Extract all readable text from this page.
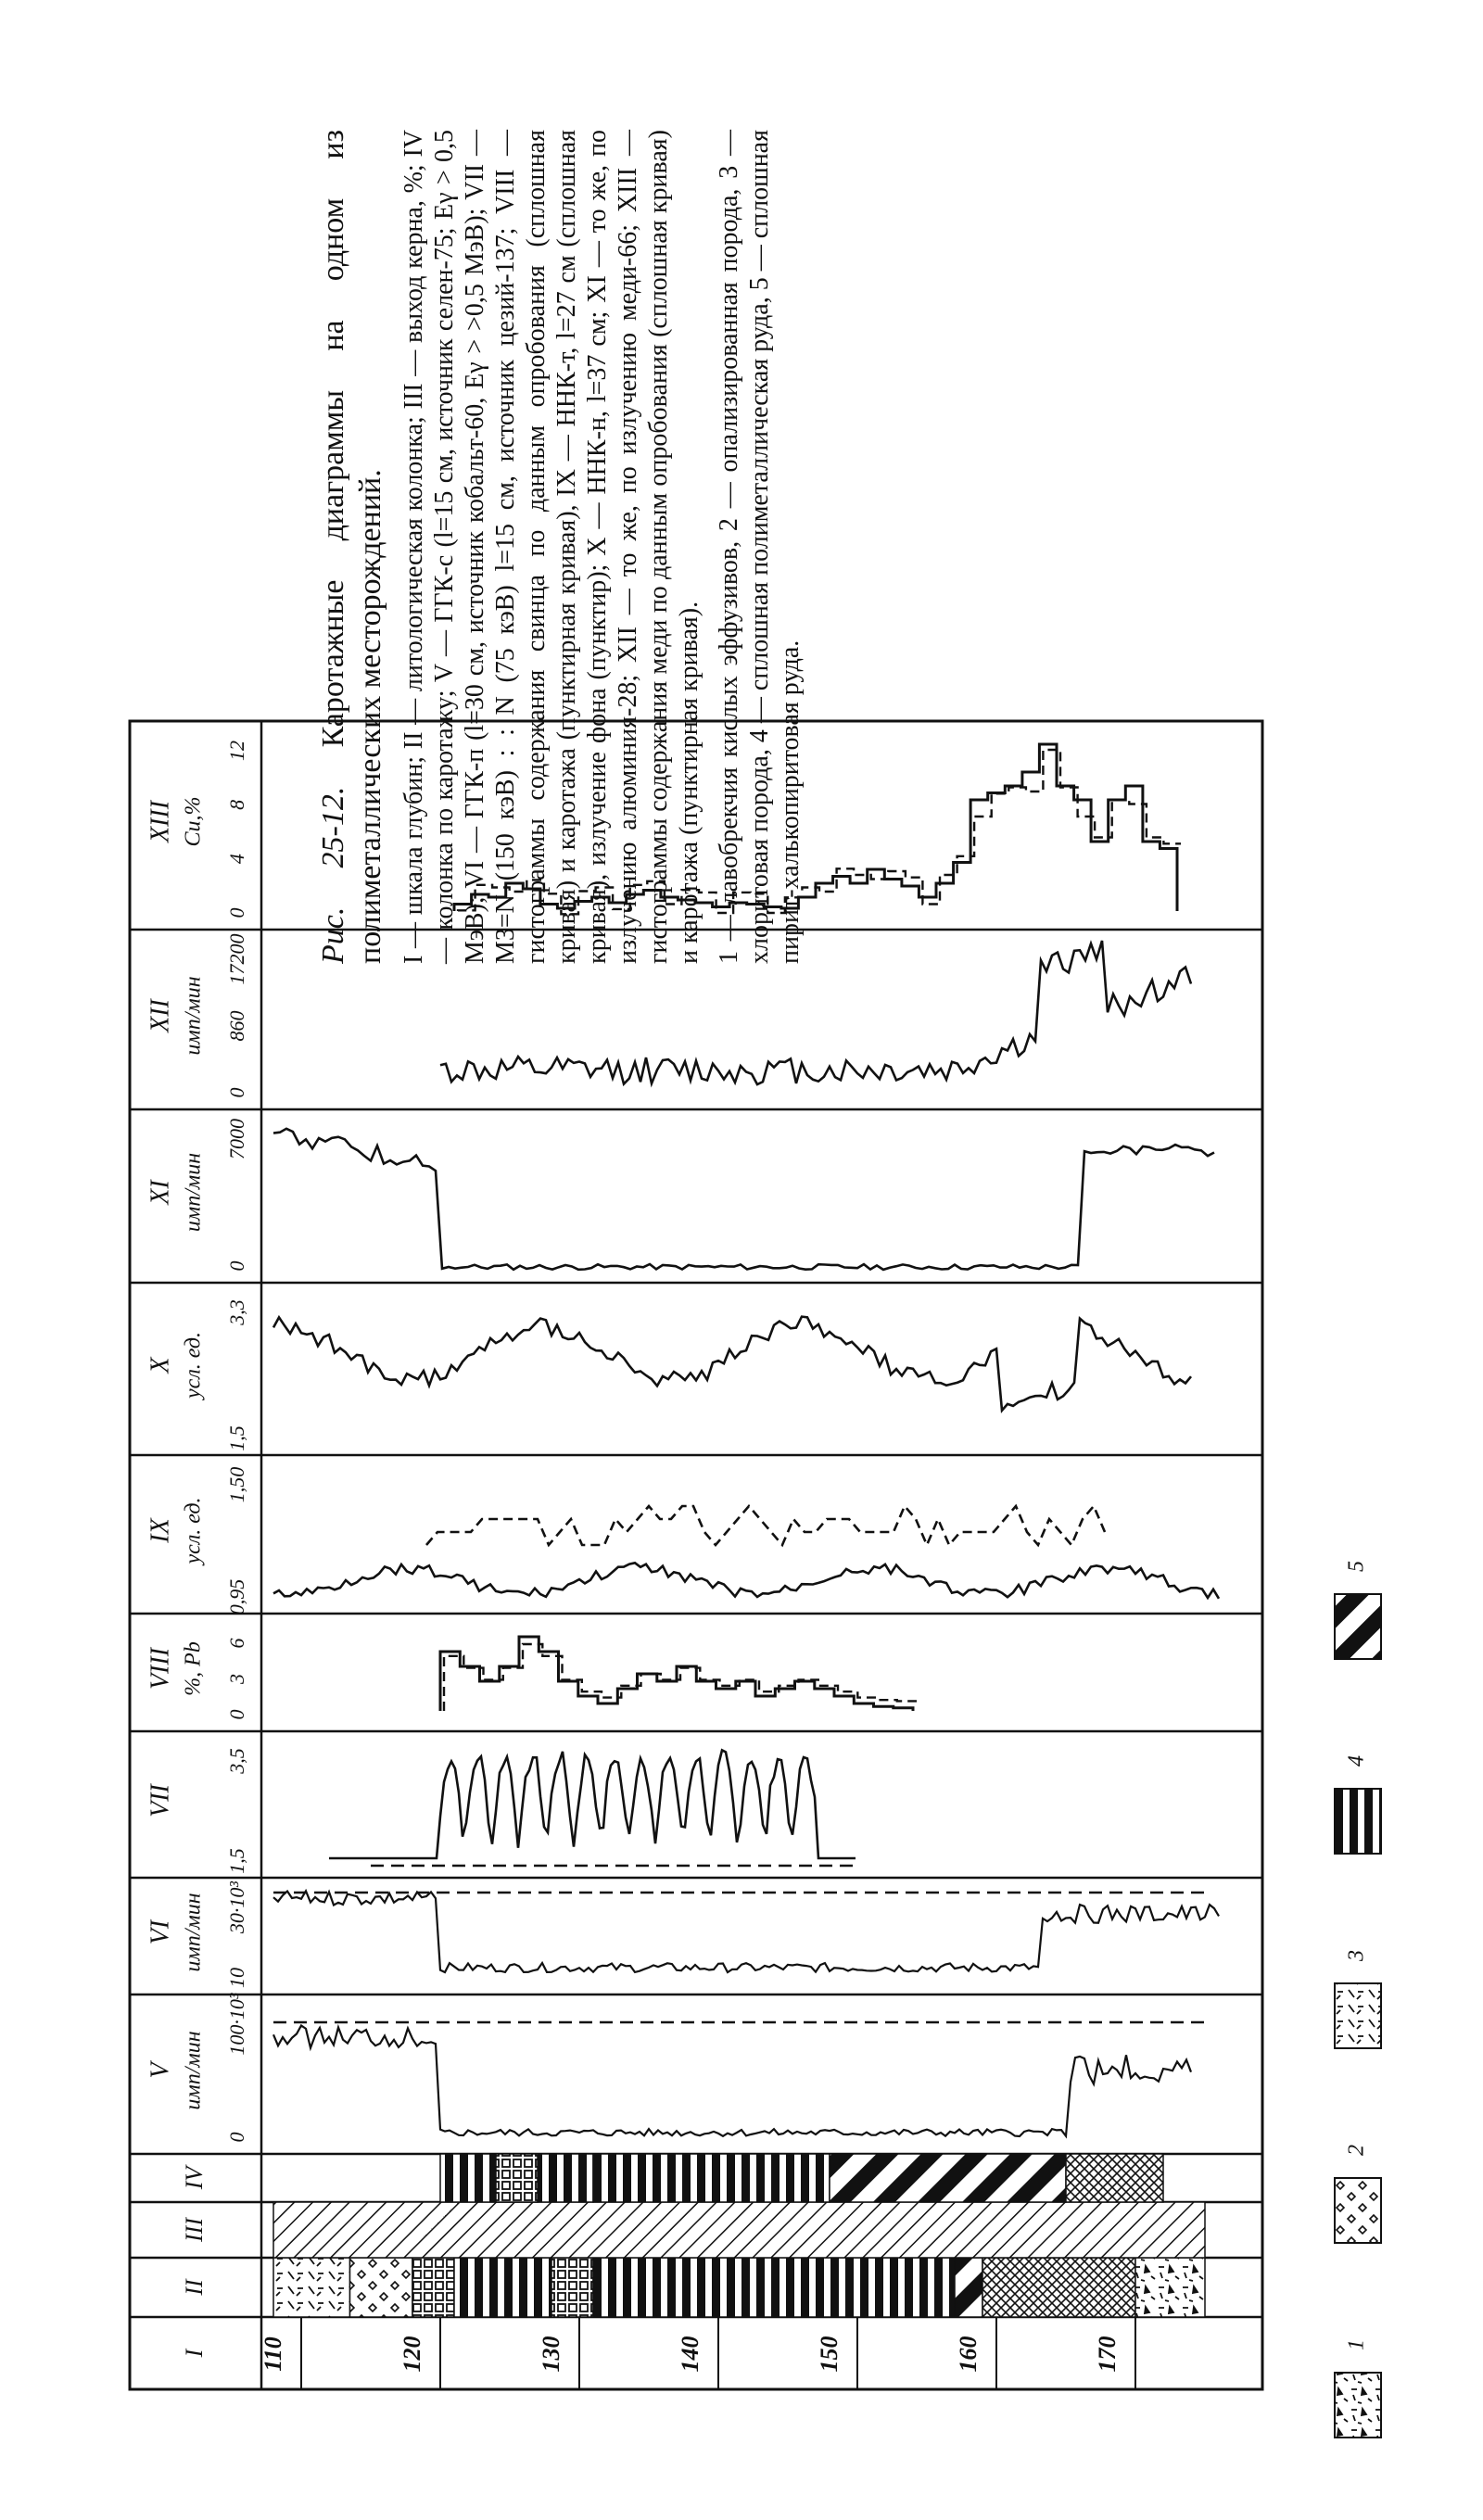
XIII Cu,%
0
4
8
12
XII имп/мин
0
860
17200
XI имп/мин
0
7000
X усл. ед.
1,5
3,3
IX усл. ед.
0,95
1,50
VIII %, Pb
0
3
6
VII
1,5
3,5
VI имп/мин
10
30·10³
V имп/мин
0
100·10³
IV
III
II
I 110	120	130	140	150	160	170	1
2
3
4
5

Рис. 25-12. Каротажные диаграммы на одном из полиметаллических месторождений. I — шкала глубин; II — литологическая колонка; III — выход керна, %; IV — колонка по каротажу; V — ГГК-с (l=15 см, источник селен-75; Eγ > 0,5 МэВ); VI — ГГК-п (l=30 см, источник кобальт-60, Eγ > >0,5 МэВ); VII — M3=N (150 кэВ) : : N (75 кэВ) l=15 см, источник цезий-137; VIII — гистограммы содержания свинца по данным опробования (сплошная кривая) и каротажа (пунктирная кривая), IX — ННК-т, l=27 см (сплошная кривая), излучение фона (пунктир); X — ННК-н, l=37 см; XI — то же, по излучению алюминия-28; XII — то же, по излучению меди-66; XIII — гистограммы содержания меди по данным опробования (сплошная кривая) и каротажа (пунктирная кривая). 1 — лавобрекчия кислых эффузивов, 2 — опализированная порода, 3 — хлоритовая порода, 4 — сплошная полиметаллическая руда, 5 — сплошная пирит-халькопиритовая руда.
